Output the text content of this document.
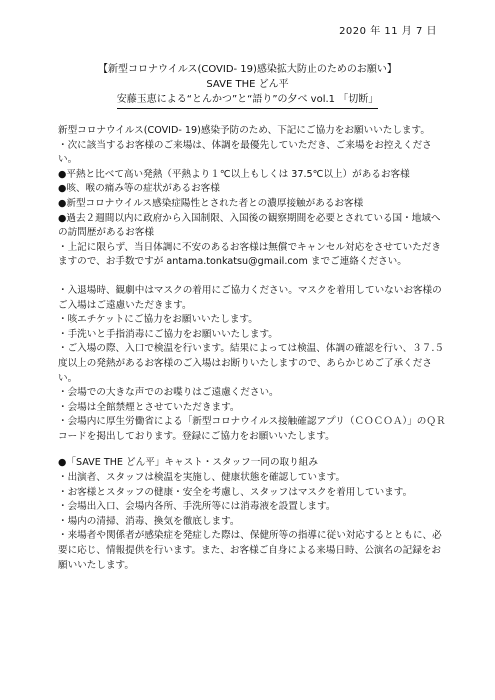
2020 年 11 月 7 日
【新型コロナウイルス(COVID- 19)感染拡大防止のためのお願い】
SAVE THE どん平
安藤玉恵による“とんかつ”と“語り”の夕べ vol.1 「切断」

新型コロナウイルス(COVID- 19)感染予防のため、下記にご協力をお願いいたします。

・次に該当するお客様のご来場は、体調を最優先していただき、ご来場をお控えください。

●平熱と比べて高い発熱（平熱より１℃以上もしくは 37.5℃以上）があるお客様

●咳、喉の痛み等の症状があるお客様

●新型コロナウイルス感染症陽性とされた者との濃厚接触があるお客様

●過去２週間以内に政府から入国制限、入国後の観察期間を必要とされている国・地域への訪問歴があるお客様

・上記に限らず、当日体調に不安のあるお客様は無償でキャンセル対応をさせていただきますので、お手数ですが antama.tonkatsu@gmail.com までご連絡ください。

・入退場時、観劇中はマスクの着用にご協力ください。マスクを着用していないお客様のご入場はご遠慮いただきます。

・咳エチケットにご協力をお願いいたします。

・手洗いと手指消毒にご協力をお願いいたします。

・ご入場の際、入口で検温を行います。結果によっては検温、体調の確認を行い、３７.５度以上の発熱があるお客様のご入場はお断りいたしますので、あらかじめご了承ください。

・会場での大きな声でのお喋りはご遠慮ください。

・会場は全館禁煙とさせていただきます。

・会場内に厚生労働省による「新型コロナウイルス接触確認アプリ（ＣＯＣＯＡ）」のＱＲコードを掲出しております。登録にご協力をお願いいたします。

●「SAVE THE どん平」キャスト・スタッフ一同の取り組み

・出演者、スタッフは検温を実施し、健康状態を確認しています。

・お客様とスタッフの健康・安全を考慮し、スタッフはマスクを着用しています。

・会場出入口、会場内各所、手洗所等には消毒液を設置します。

・場内の清掃、消毒、換気を徹底します。

・来場者や関係者が感染症を発症した際は、保健所等の指導に従い対応するとともに、必要に応じ、情報提供を行います。また、お客様ご自身による来場日時、公演名の記録をお願いいたします。
